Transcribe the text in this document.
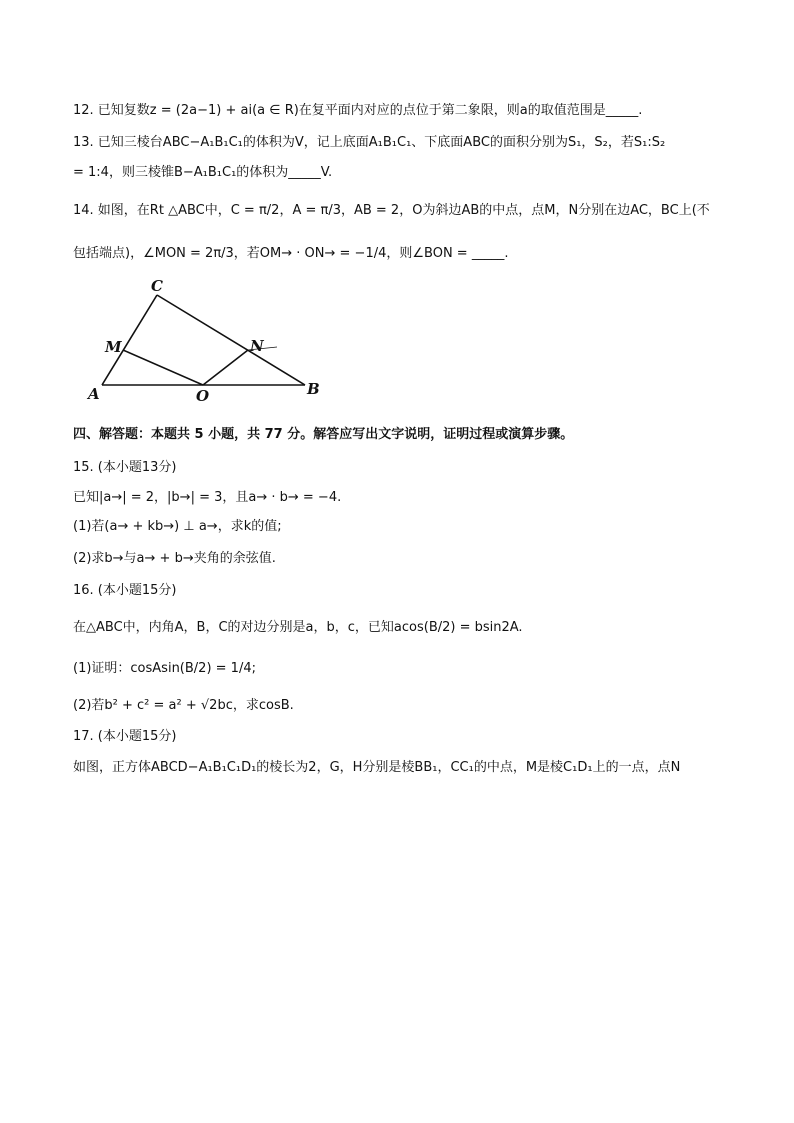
12. 已知复数z = (2a−1) + ai(a ∈ R)在复平面内对应的点位于第二象限，则a的取值范围是_____.
13. 已知三棱台ABC−A₁B₁C₁的体积为V，记上底面A₁B₁C₁、下底面ABC的面积分别为S₁，S₂，若S₁:S₂
= 1:4，则三棱锥B−A₁B₁C₁的体积为_____V.
14. 如图，在Rt △ABC中，C = π/2，A = π/3，AB = 2，O为斜边AB的中点，点M，N分别在边AC，BC上(不
包括端点)，∠MON = 2π/3，若OM→ · ON→ = −1/4，则∠BON = _____.
C
M	N
A	O	B
四、解答题：本题共 5 小题，共 77 分。解答应写出文字说明，证明过程或演算步骤。
15. (本小题13分)
已知|a→| = 2，|b→| = 3，且a→ · b→ = −4.
(1)若(a→ + kb→) ⊥ a→，求k的值;
(2)求b→与a→ + b→夹角的余弦值.
16. (本小题15分)
在△ABC中，内角A，B，C的对边分别是a，b，c，已知acos(B/2) = bsin2A.
(1)证明：cosAsin(B/2) = 1/4;
(2)若b² + c² = a² + √2bc，求cosB.
17. (本小题15分)
如图，正方体ABCD−A₁B₁C₁D₁的棱长为2，G，H分别是棱BB₁，CC₁的中点，M是棱C₁D₁上的一点，点N
